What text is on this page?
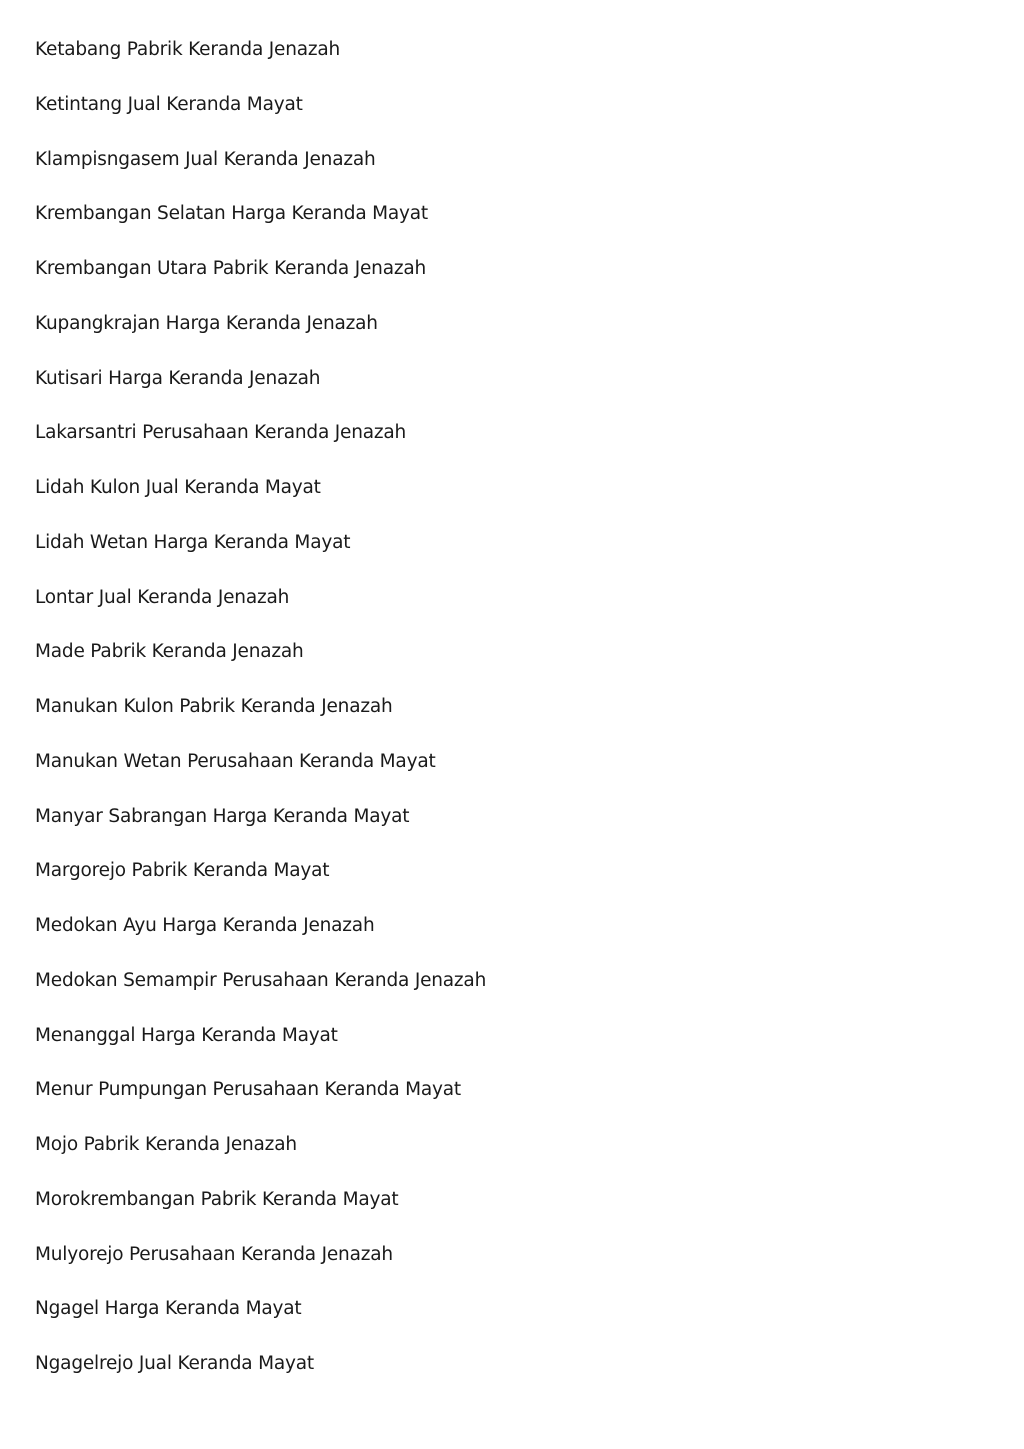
Ketabang Pabrik Keranda Jenazah
Ketintang Jual Keranda Mayat
Klampisngasem Jual Keranda Jenazah
Krembangan Selatan Harga Keranda Mayat
Krembangan Utara Pabrik Keranda Jenazah
Kupangkrajan Harga Keranda Jenazah
Kutisari Harga Keranda Jenazah
Lakarsantri Perusahaan Keranda Jenazah
Lidah Kulon Jual Keranda Mayat
Lidah Wetan Harga Keranda Mayat
Lontar Jual Keranda Jenazah
Made Pabrik Keranda Jenazah
Manukan Kulon Pabrik Keranda Jenazah
Manukan Wetan Perusahaan Keranda Mayat
Manyar Sabrangan Harga Keranda Mayat
Margorejo Pabrik Keranda Mayat
Medokan Ayu Harga Keranda Jenazah
Medokan Semampir Perusahaan Keranda Jenazah
Menanggal Harga Keranda Mayat
Menur Pumpungan Perusahaan Keranda Mayat
Mojo Pabrik Keranda Jenazah
Morokrembangan Pabrik Keranda Mayat
Mulyorejo Perusahaan Keranda Jenazah
Ngagel Harga Keranda Mayat
Ngagelrejo Jual Keranda Mayat
